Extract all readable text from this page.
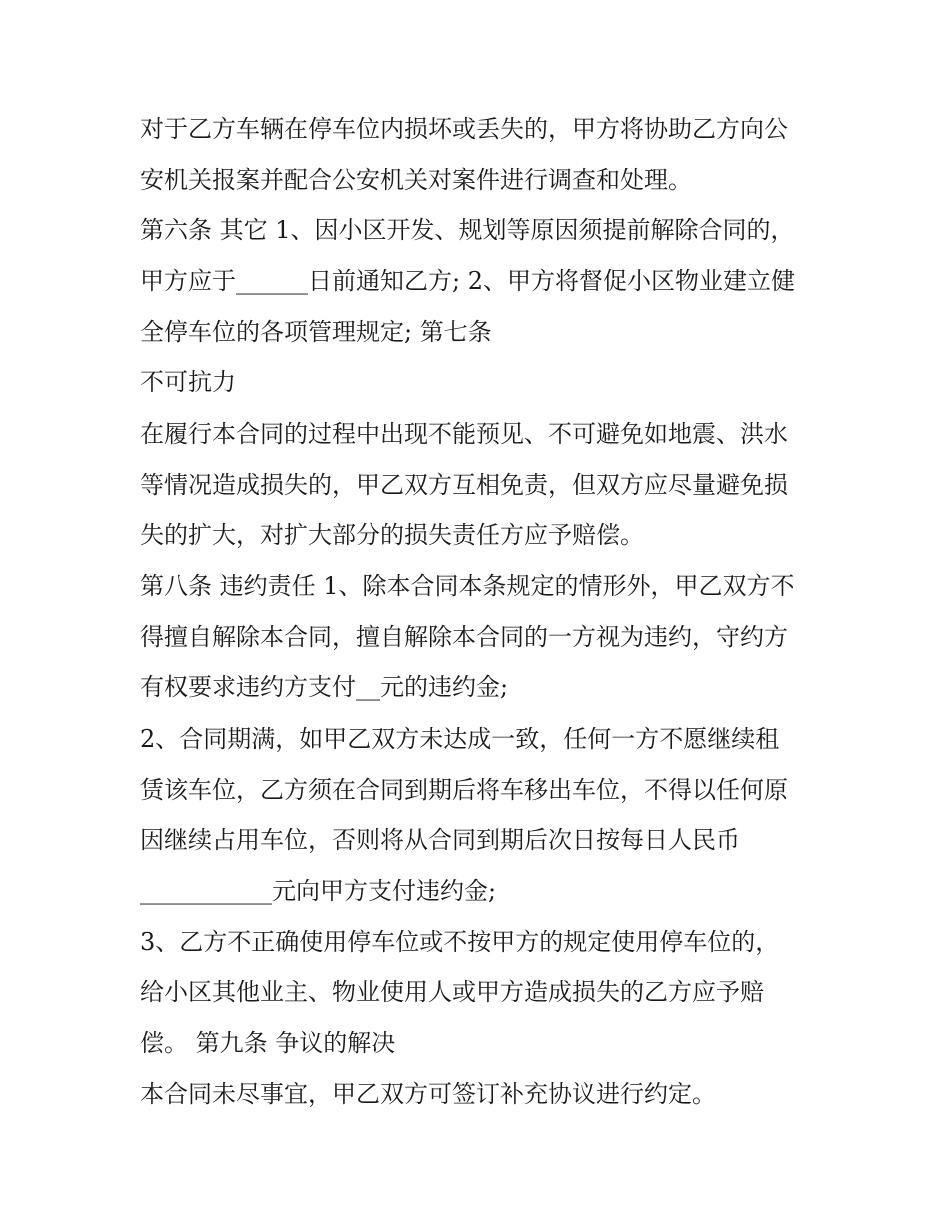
对于乙方车辆在停车位内损坏或丢失的，甲方将协助乙方向公
安机关报案并配合公安机关对案件进行调查和处理。
第六条 其它 1、因小区开发、规划等原因须提前解除合同的，
甲方应于______日前通知乙方; 2、甲方将督促小区物业建立健
全停车位的各项管理规定; 第七条
不可抗力
在履行本合同的过程中出现不能预见、不可避免如地震、洪水
等情况造成损失的，甲乙双方互相免责，但双方应尽量避免损
失的扩大，对扩大部分的损失责任方应予赔偿。
第八条 违约责任 1、除本合同本条规定的情形外，甲乙双方不
得擅自解除本合同，擅自解除本合同的一方视为违约，守约方
有权要求违约方支付__元的违约金;
2、合同期满，如甲乙双方未达成一致，任何一方不愿继续租
赁该车位，乙方须在合同到期后将车移出车位，不得以任何原
因继续占用车位，否则将从合同到期后次日按每日人民币
___________元向甲方支付违约金;
3、乙方不正确使用停车位或不按甲方的规定使用停车位的，
给小区其他业主、物业使用人或甲方造成损失的乙方应予赔
偿。 第九条 争议的解决
本合同未尽事宜，甲乙双方可签订补充协议进行约定。
